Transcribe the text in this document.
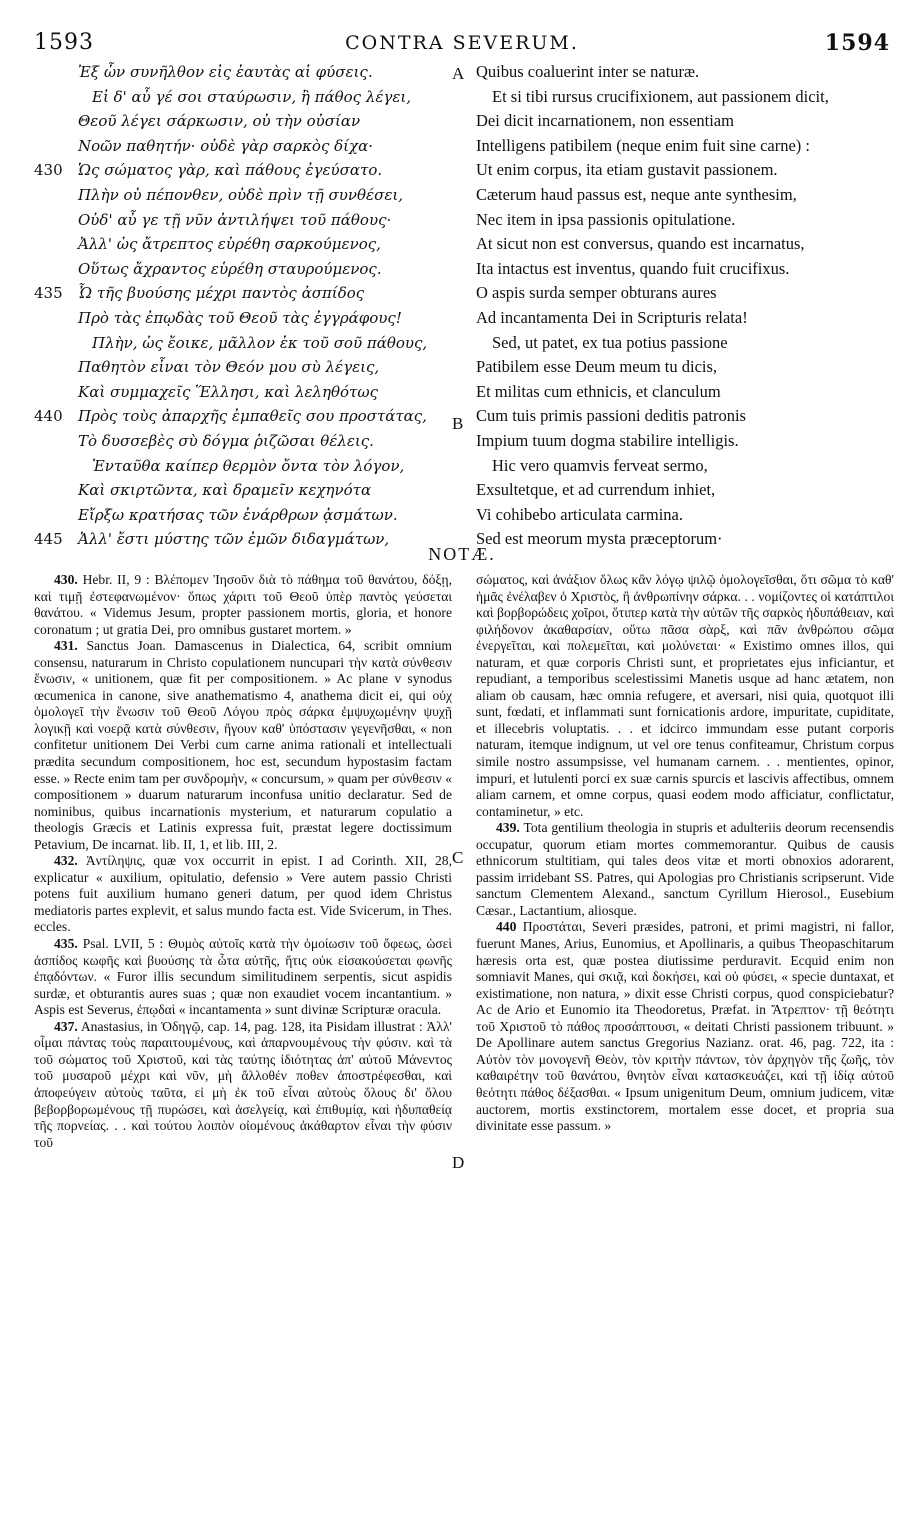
1593	CONTRA SEVERUM.	1594
Ἐξ ὧν συνῆλθον εἰς ἑαυτὰς αἱ φύσεις.
Εἰ δ' αὖ γέ σοι σταύρωσιν, ἢ πάθος λέγει,
Θεοῦ λέγει σάρκωσιν, οὐ τὴν οὐσίαν
Νοῶν παθητήν· οὐδὲ γὰρ σαρκὸς δίχα·
430 Ὡς σώματος γὰρ, καὶ πάθους ἐγεύσατο.
Πλὴν οὐ πέπονθεν, οὐδὲ πρὶν τῇ συνθέσει,
Οὐδ' αὖ γε τῇ νῦν ἀντιλήψει τοῦ πάθους·
Ἀλλ' ὡς ἄτρεπτος εὑρέθη σαρκούμενος,
Οὕτως ἄχραντος εὑρέθη σταυρούμενος.
435 Ὦ τῆς βυούσης μέχρι παντὸς ἀσπίδος
Πρὸ τὰς ἐπῳδὰς τοῦ Θεοῦ τὰς ἐγγράφους!
Πλὴν, ὡς ἔοικε, μᾶλλον ἐκ τοῦ σοῦ πάθους,
Παθητὸν εἶναι τὸν Θεόν μου σὺ λέγεις,
Καὶ συμμαχεῖς Ἕλλησι, καὶ λεληθότως
440 Πρὸς τοὺς ἀπαρχῆς ἐμπαθεῖς σου προστάτας,
Τὸ δυσσεβὲς σὺ δόγμα ῥιζῶσαι θέλεις.
Ἐνταῦθα καίπερ θερμὸν ὄντα τὸν λόγον,
Καὶ σκιρτῶντα, καὶ δραμεῖν κεχηνότα
Εἴρξω κρατήσας τῶν ἐνάρθρων ᾀσμάτων.
445 Ἀλλ' ἔστι μύστης τῶν ἐμῶν διδαγμάτων,
Quibus coaluerint inter se naturæ.
Et si tibi rursus crucifixionem, aut passionem dicit,
Dei dicit incarnationem, non essentiam
Intelligens patibilem (neque enim fuit sine carne) :
Ut enim corpus, ita etiam gustavit passionem.
Cæterum haud passus est, neque ante synthesim,
Nec item in ipsa passionis opitulatione.
At sicut non est conversus, quando est incarnatus,
Ita intactus est inventus, quando fuit crucifixus.
O aspis surda semper obturans aures
Ad incantamenta Dei in Scripturis relata!
Sed, ut patet, ex tua potius passione
Patibilem esse Deum meum tu dicis,
Et militas cum ethnicis, et clanculum
Cum tuis primis passioni deditis patronis
Impium tuum dogma stabilire intelligis.
Hic vero quamvis ferveat sermo,
Exsultetque, et ad currendum inhiet,
Vi cohibebo articulata carmina.
Sed est meorum mysta præceptorum·
A
B
C
D
NOTÆ.

430. Hebr. II, 9 : Βλέπομεν Ἰησοῦν διὰ τὸ πάθημα τοῦ θανάτου, δόξῃ, καὶ τιμῇ ἐστεφανωμένον· ὅπως χάριτι τοῦ Θεοῦ ὑπὲρ παντὸς γεύσεται θανάτου. « Videmus Jesum, propter passionem mortis, gloria, et honore coronatum ; ut gratia Dei, pro omnibus gustaret mortem. »

431. Sanctus Joan. Damascenus in Dialectica, 64, scribit omnium consensu, naturarum in Christo copulationem nuncupari τὴν κατὰ σύνθεσιν ἕνωσιν, « unitionem, quæ fit per compositionem. » Ac plane v synodus œcumenica in canone, sive anathematismo 4, anathema dicit ei, qui οὐχ ὁμολογεῖ τὴν ἕνωσιν τοῦ Θεοῦ Λόγου πρὸς σάρκα ἐμψυχωμένην ψυχῇ λογικῇ καὶ νοερᾷ κατὰ σύνθεσιν, ἤγουν καθ' ὑπόστασιν γεγενῆσθαι, « non confitetur unitionem Dei Verbi cum carne anima rationali et intellectuali prædita secundum compositionem, hoc est, secundum hypostasim factam esse. » Recte enim tam per συνδρομὴν, « concursum, » quam per σύνθεσιν « compositionem » duarum naturarum inconfusa unitio declaratur. Sed de nominibus, quibus incarnationis mysterium, et naturarum copulatio a theologis Græcis et Latinis expressa fuit, præstat legere doctissimum Petavium, De incarnat. lib. II, 1, et lib. III, 2.

432. Ἀντίληψις, quæ vox occurrit in epist. I ad Corinth. XII, 28, explicatur « auxilium, opitulatio, defensio » Vere autem passio Christi potens fuit auxilium humano generi datum, per quod idem Christus mediatoris partes explevit, et salus mundo facta est. Vide Svicerum, in Thes. eccles.

435. Psal. LVII, 5 : Θυμὸς αὐτοῖς κατὰ τὴν ὁμοίωσιν τοῦ ὄφεως, ὡσεὶ ἀσπίδος κωφῆς καὶ βυούσης τὰ ὦτα αὐτῆς, ἥτις οὐκ εἰσακούσεται φωνῆς ἐπᾳδόντων. « Furor illis secundum similitudinem serpentis, sicut aspidis surdæ, et obturantis aures suas ; quæ non exaudiet vocem incantantium. » Aspis est Severus, ἐπῳδαὶ « incantamenta » sunt divinæ Scripturæ oracula.

437. Anastasius, in Ὁδηγῷ, cap. 14, pag. 128, ita Pisidam illustrat : Ἀλλ' οἶμαι πάντας τοὺς παραιτουμένους, καὶ ἀπαρνουμένους τὴν φύσιν. καὶ τὰ τοῦ σώματος τοῦ Χριστοῦ, καὶ τὰς ταύτης ἰδιότητας ἀπ' αὐτοῦ Μάνεντος τοῦ μυσαροῦ μέχρι καὶ νῦν, μὴ ἄλλοθέν ποθεν ἀποστρέφεσθαι, καὶ ἀποφεύγειν αὐτοὺς ταῦτα, εἰ μὴ ἐκ τοῦ εἶναι αὐτοὺς ὅλους δι' ὅλου βεβορβορωμένους τῇ πυρώσει, καὶ ἀσελγείᾳ, καὶ ἐπιθυμίᾳ, καὶ ἡδυπαθείᾳ τῆς πορνείας. . . καὶ τούτου λοιπὸν οἰομένους ἀκάθαρτον εἶναι τὴν φύσιν τοῦ

σώματος, καὶ ἀνάξιον ὅλως κἂν λόγῳ ψιλῷ ὁμολογεῖσθαι, ὅτι σῶμα τὸ καθ' ἡμᾶς ἐνέλαβεν ὁ Χριστὸς, ἢ ἀνθρωπίνην σάρκα. . . νομίζοντες οἱ κατάπτιλοι καὶ βορβορώδεις χοῖροι, ὅτιπερ κατὰ τὴν αὐτῶν τῆς σαρκὸς ἡδυπάθειαν, καὶ φιλήδονον ἀκαθαρσίαν, οὕτω πᾶσα σὰρξ, καὶ πᾶν ἀνθρώπου σῶμα ἐνεργεῖται, καὶ πολεμεῖται, καὶ μολύνεται· « Existimo omnes illos, qui naturam, et quæ corporis Christi sunt, et proprietates ejus inficiantur, et repudiant, a temporibus scelestissimi Manetis usque ad hanc ætatem, non aliam ob causam, hæc omnia refugere, et aversari, nisi quia, quotquot illi sunt, fœdati, et inflammati sunt fornicationis ardore, impuritate, cupiditate, et illecebris voluptatis. . . et idcirco immundam esse putant corporis naturam, itemque indignum, ut vel ore tenus confiteamur, Christum corpus simile nostro assumpsisse, vel humanam carnem. . . mentientes, opinor, impuri, et lutulenti porci ex suæ carnis spurcis et lascivis affectibus, omnem aliam carnem, et omne corpus, quasi eodem modo afficiatur, conflictatur, contaminetur, » etc.

439. Tota gentilium theologia in stupris et adulteriis deorum recensendis occupatur, quorum etiam mortes commemorantur. Quibus de causis ethnicorum stultitiam, qui tales deos vitæ et morti obnoxios adorarent, passim irridebant SS. Patres, qui Apologias pro Christianis scripserunt. Vide sanctum Clementem Alexand., sanctum Cyrillum Hierosol., Eusebium Cæsar., Lactantium, aliosque.

440 Προστάται, Severi præsides, patroni, et primi magistri, ni fallor, fuerunt Manes, Arius, Eunomius, et Apollinaris, a quibus Theopaschitarum hæresis orta est, quæ postea diutissime perduravit. Ecquid enim non somniavit Manes, qui σκιᾷ, καὶ δοκήσει, καὶ οὐ φύσει, « specie duntaxat, et existimatione, non natura, » dixit esse Christi corpus, quod conspiciebatur? Ac de Ario et Eunomio ita Theodoretus, Præfat. in Ἄτρεπτον· τῇ θεότητι τοῦ Χριστοῦ τὸ πάθος προσάπτουσι, « deitati Christi passionem tribuunt. » De Apollinare autem sanctus Gregorius Nazianz. orat. 46, pag. 722, ita : Αὐτὸν τὸν μονογενῆ Θεὸν, τὸν κριτὴν πάντων, τὸν ἀρχηγὸν τῆς ζωῆς, τὸν καθαιρέτην τοῦ θανάτου, θνητὸν εἶναι κατασκευάζει, καὶ τῇ ἰδίᾳ αὐτοῦ θεότητι πάθος δέξασθαι. « Ipsum unigenitum Deum, omnium judicem, vitæ auctorem, mortis exstinctorem, mortalem esse docet, et propria sua divinitate esse passum. »
